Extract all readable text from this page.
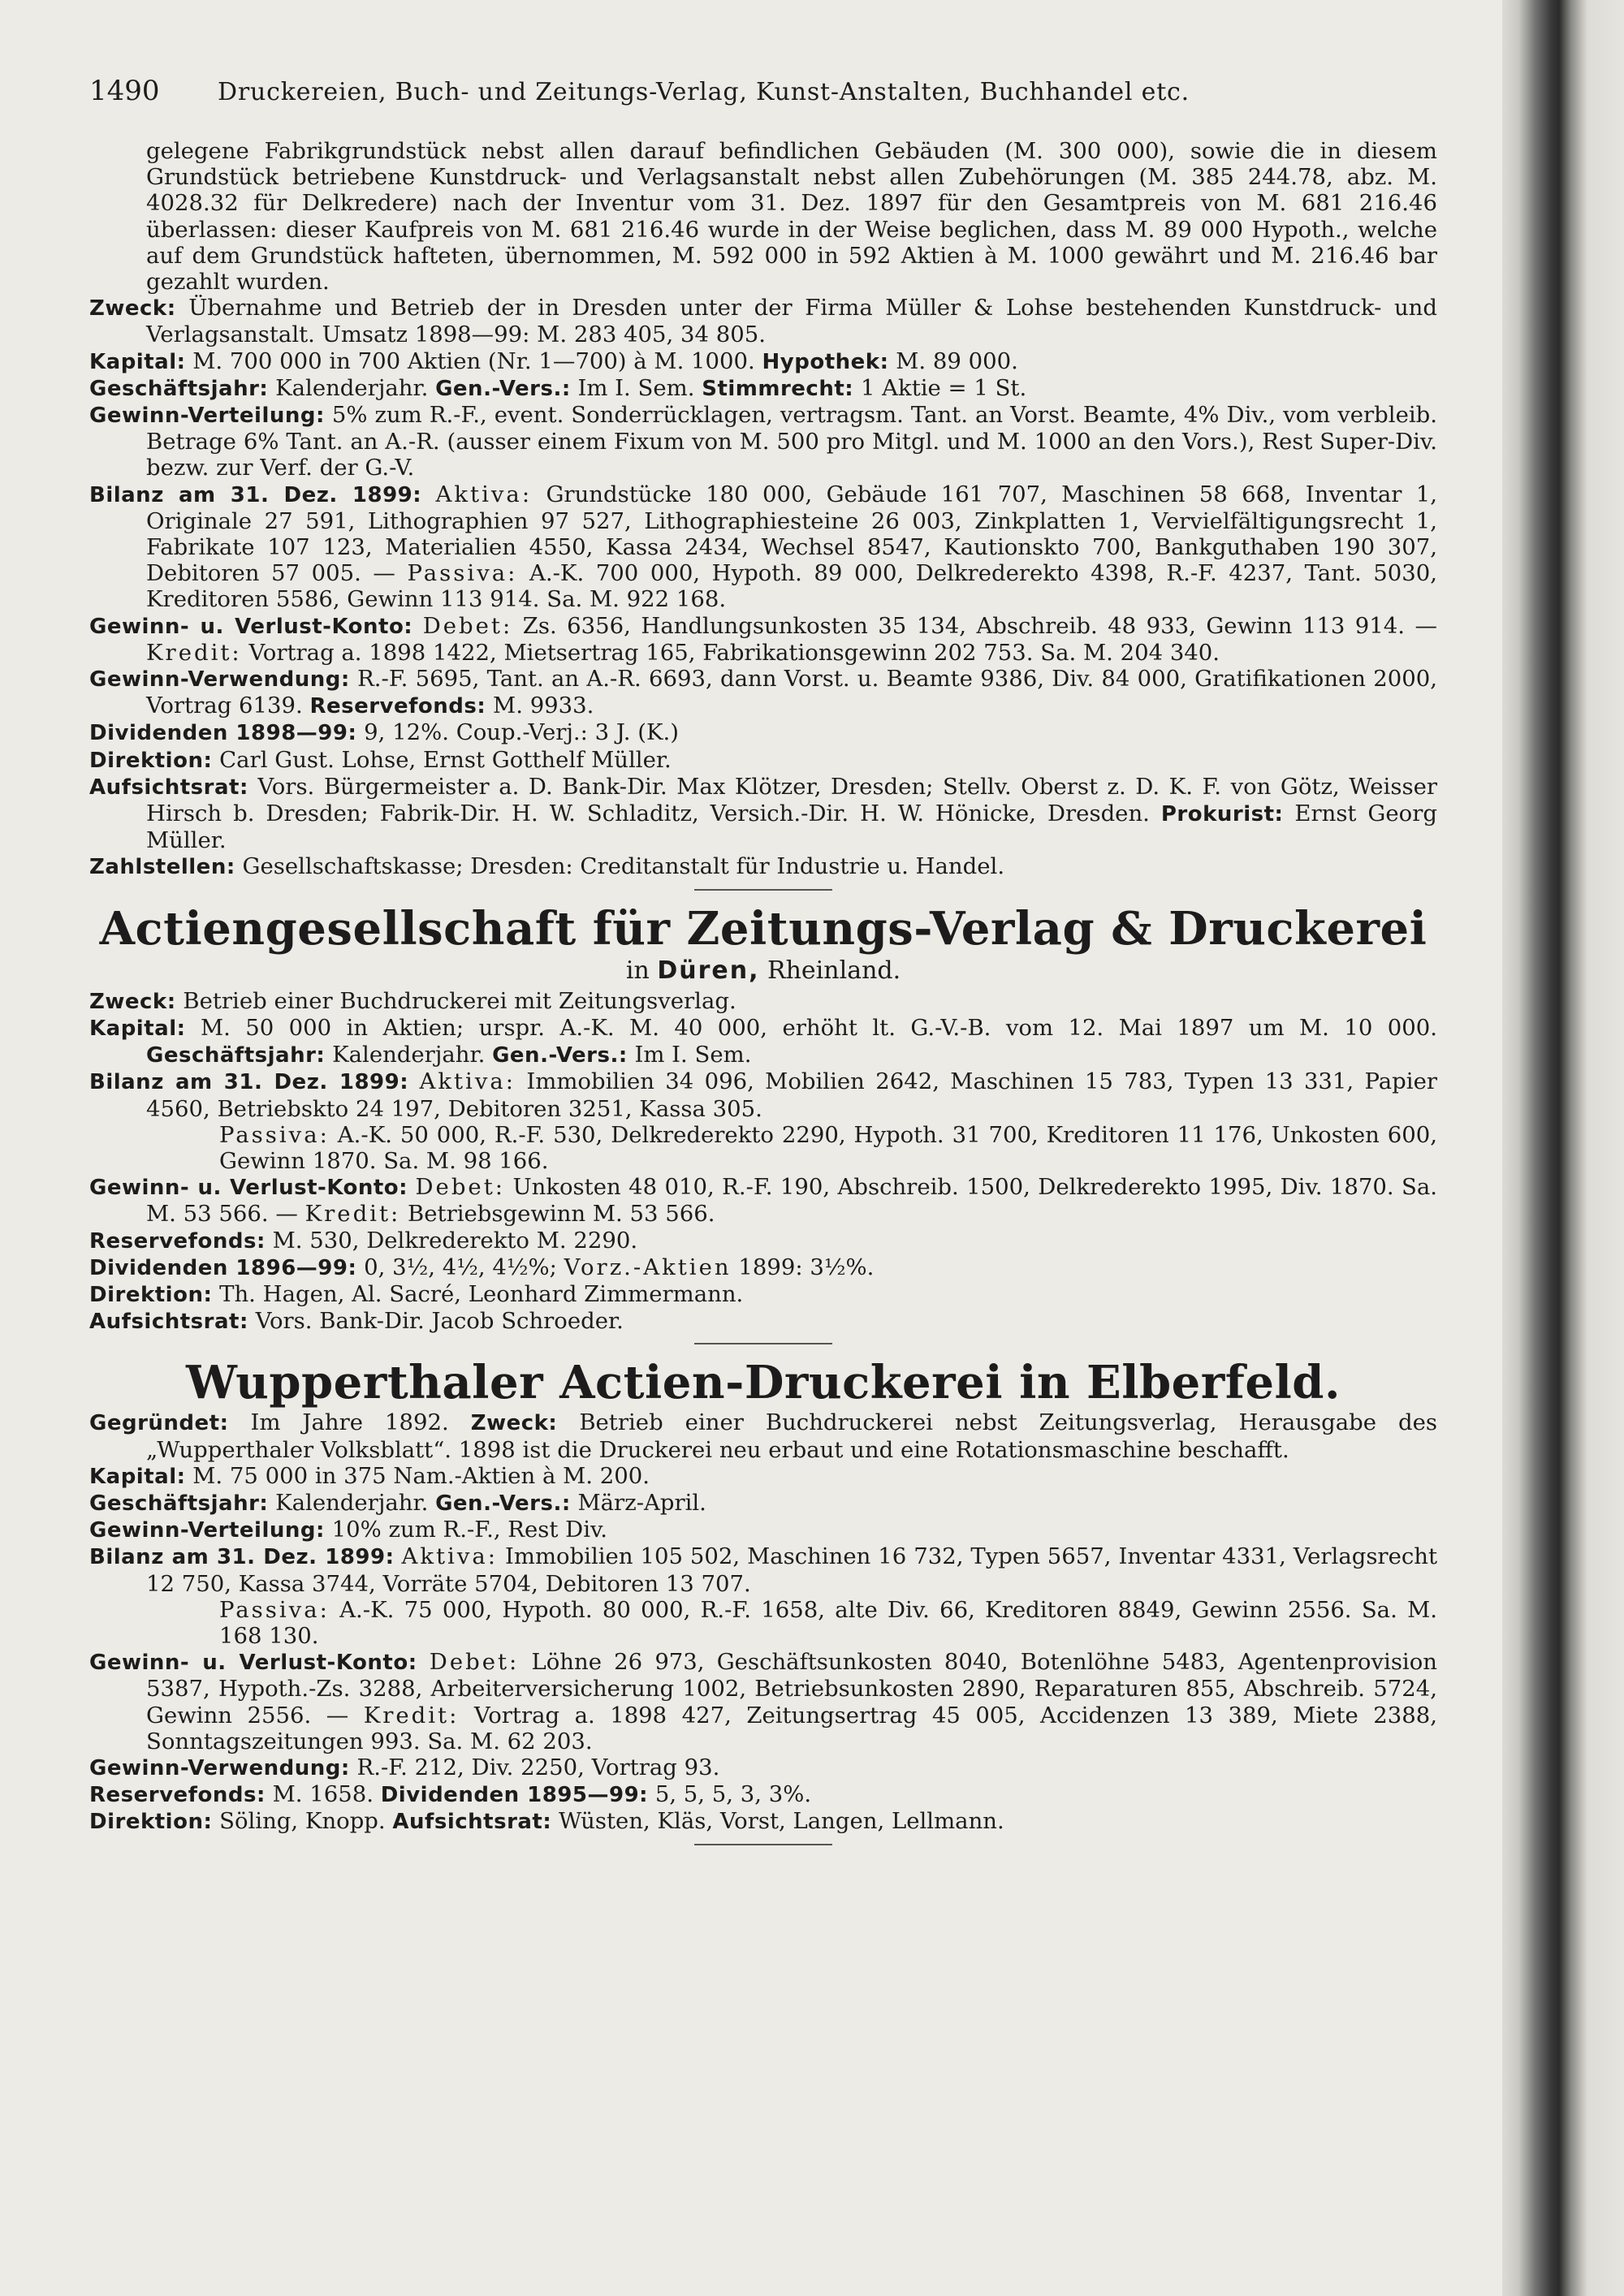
1490 Druckereien, Buch- und Zeitungs-Verlag, Kunst-Anstalten, Buchhandel etc.

gelegene Fabrikgrundstück nebst allen darauf befindlichen Gebäuden (M. 300 000), sowie die in diesem Grundstück betriebene Kunstdruck- und Verlagsanstalt nebst allen Zubehörungen (M. 385 244.78, abz. M. 4028.32 für Delkredere) nach der Inventur vom 31. Dez. 1897 für den Gesamtpreis von M. 681 216.46 überlassen: dieser Kaufpreis von M. 681 216.46 wurde in der Weise beglichen, dass M. 89 000 Hypoth., welche auf dem Grundstück hafteten, übernommen, M. 592 000 in 592 Aktien à M. 1000 gewährt und M. 216.46 bar gezahlt wurden.

Zweck: Übernahme und Betrieb der in Dresden unter der Firma Müller & Lohse bestehenden Kunstdruck- und Verlagsanstalt. Umsatz 1898—99: M. 283 405, 34 805.

Kapital: M. 700 000 in 700 Aktien (Nr. 1—700) à M. 1000. Hypothek: M. 89 000.

Geschäftsjahr: Kalenderjahr. Gen.-Vers.: Im I. Sem. Stimmrecht: 1 Aktie = 1 St.

Gewinn-Verteilung: 5% zum R.-F., event. Sonderrücklagen, vertragsm. Tant. an Vorst. Beamte, 4% Div., vom verbleib. Betrage 6% Tant. an A.-R. (ausser einem Fixum von M. 500 pro Mitgl. und M. 1000 an den Vors.), Rest Super-Div. bezw. zur Verf. der G.-V.

Bilanz am 31. Dez. 1899: Aktiva: Grundstücke 180 000, Gebäude 161 707, Maschinen 58 668, Inventar 1, Originale 27 591, Lithographien 97 527, Lithographiesteine 26 003, Zinkplatten 1, Vervielfältigungsrecht 1, Fabrikate 107 123, Materialien 4550, Kassa 2434, Wechsel 8547, Kautionskto 700, Bankguthaben 190 307, Debitoren 57 005. — Passiva: A.-K. 700 000, Hypoth. 89 000, Delkrederekto 4398, R.-F. 4237, Tant. 5030, Kreditoren 5586, Gewinn 113 914. Sa. M. 922 168.

Gewinn- u. Verlust-Konto: Debet: Zs. 6356, Handlungsunkosten 35 134, Abschreib. 48 933, Gewinn 113 914. — Kredit: Vortrag a. 1898 1422, Mietsertrag 165, Fabrikationsgewinn 202 753. Sa. M. 204 340.

Gewinn-Verwendung: R.-F. 5695, Tant. an A.-R. 6693, dann Vorst. u. Beamte 9386, Div. 84 000, Gratifikationen 2000, Vortrag 6139. Reservefonds: M. 9933.

Dividenden 1898—99: 9, 12%. Coup.-Verj.: 3 J. (K.)

Direktion: Carl Gust. Lohse, Ernst Gotthelf Müller.

Aufsichtsrat: Vors. Bürgermeister a. D. Bank-Dir. Max Klötzer, Dresden; Stellv. Oberst z. D. K. F. von Götz, Weisser Hirsch b. Dresden; Fabrik-Dir. H. W. Schladitz, Versich.-Dir. H. W. Hönicke, Dresden. Prokurist: Ernst Georg Müller.

Zahlstellen: Gesellschaftskasse; Dresden: Creditanstalt für Industrie u. Handel.

Actiengesellschaft für Zeitungs-Verlag & Druckerei

in Düren, Rheinland.

Zweck: Betrieb einer Buchdruckerei mit Zeitungsverlag.

Kapital: M. 50 000 in Aktien; urspr. A.-K. M. 40 000, erhöht lt. G.-V.-B. vom 12. Mai 1897 um M. 10 000. Geschäftsjahr: Kalenderjahr. Gen.-Vers.: Im I. Sem.

Bilanz am 31. Dez. 1899: Aktiva: Immobilien 34 096, Mobilien 2642, Maschinen 15 783, Typen 13 331, Papier 4560, Betriebskto 24 197, Debitoren 3251, Kassa 305.

Passiva: A.-K. 50 000, R.-F. 530, Delkrederekto 2290, Hypoth. 31 700, Kreditoren 11 176, Unkosten 600, Gewinn 1870. Sa. M. 98 166.

Gewinn- u. Verlust-Konto: Debet: Unkosten 48 010, R.-F. 190, Abschreib. 1500, Delkrederekto 1995, Div. 1870. Sa. M. 53 566. — Kredit: Betriebsgewinn M. 53 566.

Reservefonds: M. 530, Delkrederekto M. 2290.

Dividenden 1896—99: 0, 3½, 4½, 4½%; Vorz.-Aktien 1899: 3½%.

Direktion: Th. Hagen, Al. Sacré, Leonhard Zimmermann.

Aufsichtsrat: Vors. Bank-Dir. Jacob Schroeder.

Wupperthaler Actien-Druckerei in Elberfeld.

Gegründet: Im Jahre 1892. Zweck: Betrieb einer Buchdruckerei nebst Zeitungsverlag, Herausgabe des „Wupperthaler Volksblatt“. 1898 ist die Druckerei neu erbaut und eine Rotationsmaschine beschafft.

Kapital: M. 75 000 in 375 Nam.-Aktien à M. 200.

Geschäftsjahr: Kalenderjahr. Gen.-Vers.: März-April.

Gewinn-Verteilung: 10% zum R.-F., Rest Div.

Bilanz am 31. Dez. 1899: Aktiva: Immobilien 105 502, Maschinen 16 732, Typen 5657, Inventar 4331, Verlagsrecht 12 750, Kassa 3744, Vorräte 5704, Debitoren 13 707.

Passiva: A.-K. 75 000, Hypoth. 80 000, R.-F. 1658, alte Div. 66, Kreditoren 8849, Gewinn 2556. Sa. M. 168 130.

Gewinn- u. Verlust-Konto: Debet: Löhne 26 973, Geschäftsunkosten 8040, Botenlöhne 5483, Agentenprovision 5387, Hypoth.-Zs. 3288, Arbeiterversicherung 1002, Betriebsunkosten 2890, Reparaturen 855, Abschreib. 5724, Gewinn 2556. — Kredit: Vortrag a. 1898 427, Zeitungsertrag 45 005, Accidenzen 13 389, Miete 2388, Sonntagszeitungen 993. Sa. M. 62 203.

Gewinn-Verwendung: R.-F. 212, Div. 2250, Vortrag 93.

Reservefonds: M. 1658. Dividenden 1895—99: 5, 5, 5, 3, 3%.

Direktion: Söling, Knopp. Aufsichtsrat: Wüsten, Kläs, Vorst, Langen, Lellmann.
